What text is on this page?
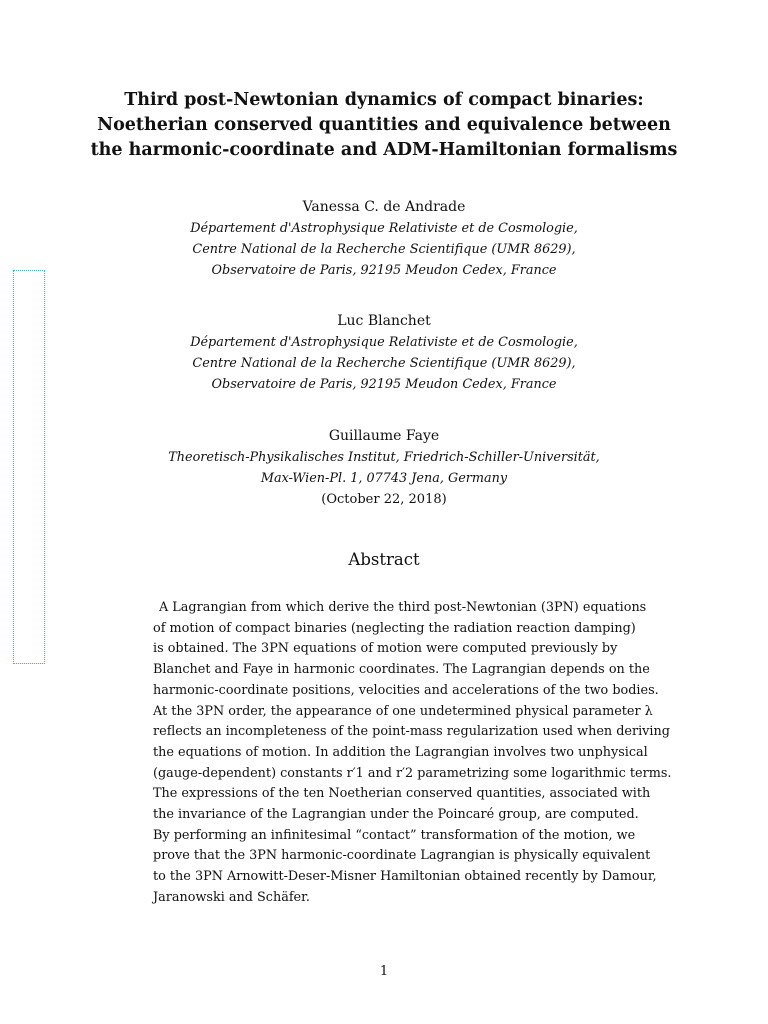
Third post-Newtonian dynamics of compact binaries:
Noetherian conserved quantities and equivalence between
the harmonic-coordinate and ADM-Hamiltonian formalisms
Vanessa C. de Andrade
Département d'Astrophysique Relativiste et de Cosmologie,
Centre National de la Recherche Scientifique (UMR 8629),
Observatoire de Paris, 92195 Meudon Cedex, France
Luc Blanchet
Département d'Astrophysique Relativiste et de Cosmologie,
Centre National de la Recherche Scientifique (UMR 8629),
Observatoire de Paris, 92195 Meudon Cedex, France
Guillaume Faye
Theoretisch-Physikalisches Institut, Friedrich-Schiller-Universität,
Max-Wien-Pl. 1, 07743 Jena, Germany
(October 22, 2018)
Abstract
A Lagrangian from which derive the third post-Newtonian (3PN) equations
of motion of compact binaries (neglecting the radiation reaction damping)
is obtained. The 3PN equations of motion were computed previously by
Blanchet and Faye in harmonic coordinates. The Lagrangian depends on the
harmonic-coordinate positions, velocities and accelerations of the two bodies.
At the 3PN order, the appearance of one undetermined physical parameter λ
reflects an incompleteness of the point-mass regularization used when deriving
the equations of motion. In addition the Lagrangian involves two unphysical
(gauge-dependent) constants r′1 and r′2 parametrizing some logarithmic terms.
The expressions of the ten Noetherian conserved quantities, associated with
the invariance of the Lagrangian under the Poincaré group, are computed.
By performing an infinitesimal “contact” transformation of the motion, we
prove that the 3PN harmonic-coordinate Lagrangian is physically equivalent
to the 3PN Arnowitt-Deser-Misner Hamiltonian obtained recently by Damour,
Jaranowski and Schäfer.
1
